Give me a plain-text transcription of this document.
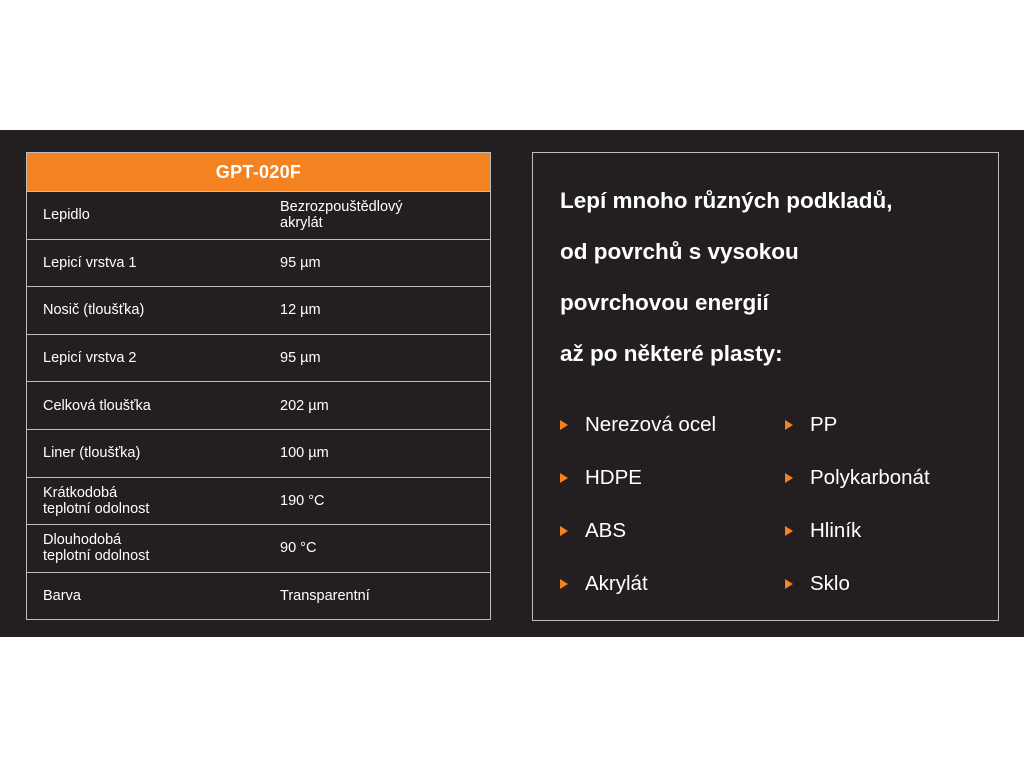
GPT-020F
Lepidlo	Bezrozpouštědlový
akrylát
Lepicí vrstva 1	95 µm
Nosič (tloušťka)	12 µm
Lepicí vrstva 2	95 µm
Celková tloušťka	202 µm
Liner (tloušťka)	100 µm
Krátkodobá
teplotní odolnost	190 °C
Dlouhodobá
teplotní odolnost	90 °C
Barva	Transparentní
Lepí mnoho různých podkladů,
od povrchů s vysokou
povrchovou energií
až po některé plasty:
Nerezová ocel	PP
HDPE	Polykarbonát
ABS	Hliník
Akrylát	Sklo
